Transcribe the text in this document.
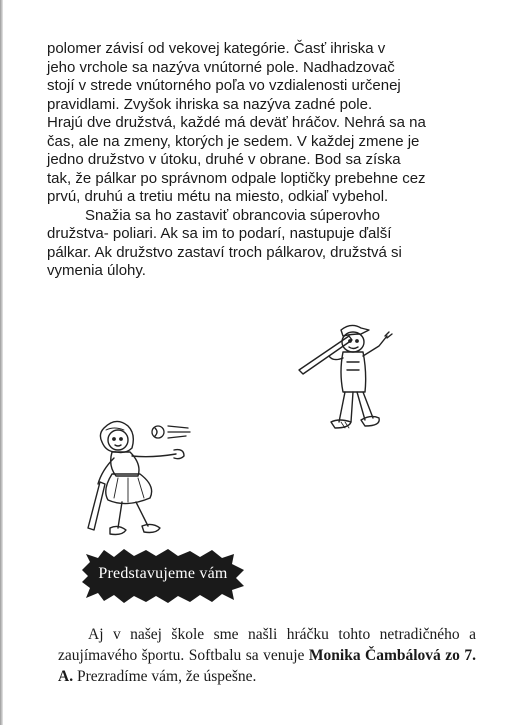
polomer závisí od vekovej kategórie. Časť ihriska v
jeho vrchole sa nazýva vnútorné pole. Nadhadzovač
stojí v strede vnútorného poľa vo vzdialenosti určenej
pravidlami. Zvyšok ihriska sa nazýva zadné pole.

Hrajú dve družstvá, každé má deväť hráčov. Nehrá sa na
čas, ale na zmeny, ktorých je sedem. V každej zmene je
jedno družstvo v útoku, druhé v obrane. Bod sa získa
tak, že pálkar po správnom odpale loptičky prebehne cez
prvú, druhú a tretiu métu na miesto, odkiaľ vybehol.

Snažia sa ho zastaviť obrancovia súperovho
družstva- poliari. Ak sa im to podarí, nastupuje ďalší
pálkar. Ak družstvo zastaví troch pálkarov, družstvá si
vymenia úlohy.

Predstavujeme vám

Aj v našej škole sme našli hráčku tohto netradičného a zaujímavého športu. Softbalu sa venuje Monika Čambálová zo 7. A. Prezradíme vám, že úspešne.
